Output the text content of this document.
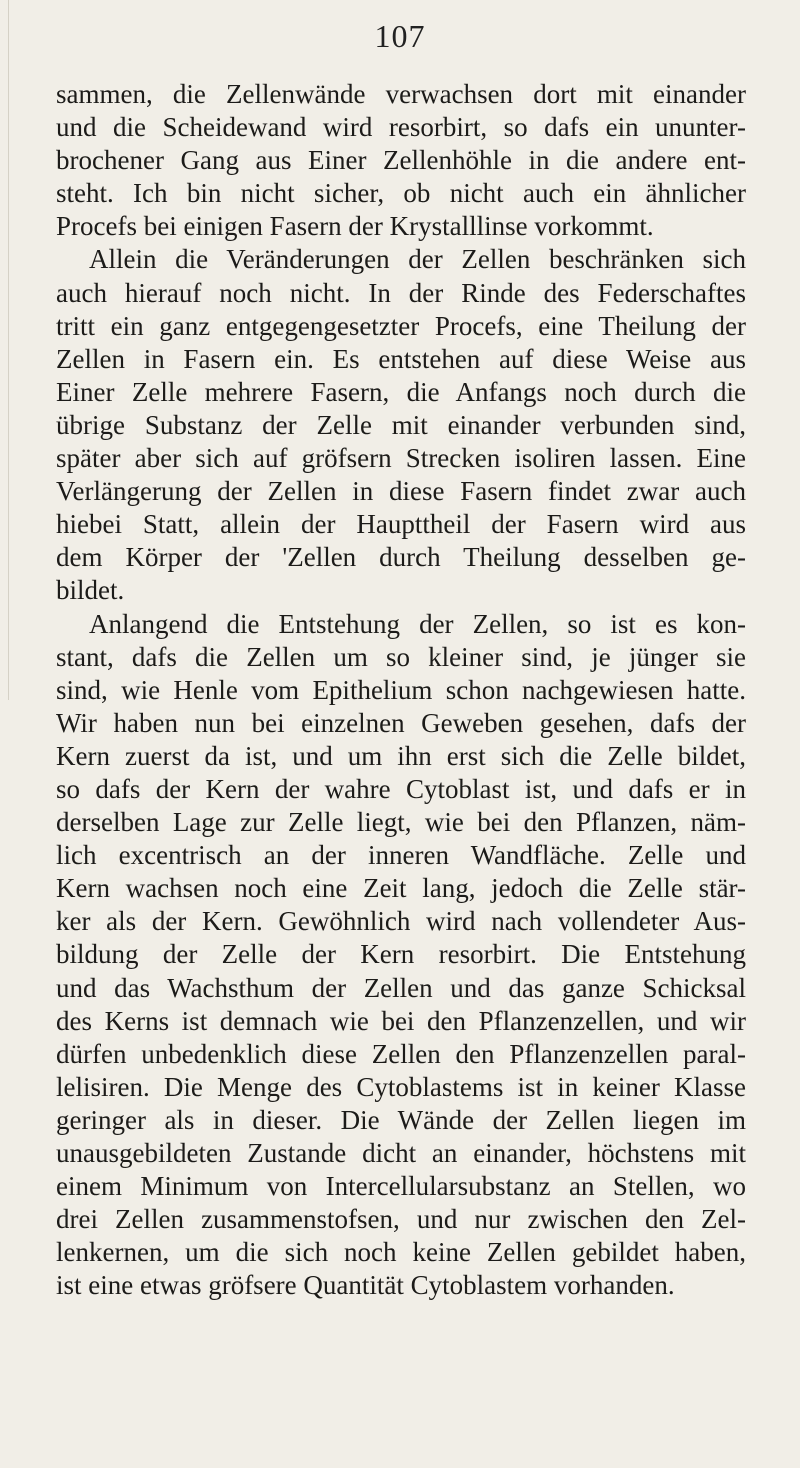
107
sammen, die Zellenwände verwachsen dort mit einander
und die Scheidewand wird resorbirt, so dafs ein ununter-
brochener Gang aus Einer Zellenhöhle in die andere ent-
steht. Ich bin nicht sicher, ob nicht auch ein ähnlicher
Procefs bei einigen Fasern der Krystalllinse vorkommt.
Allein die Veränderungen der Zellen beschränken sich
auch hierauf noch nicht. In der Rinde des Federschaftes
tritt ein ganz entgegengesetzter Procefs, eine Theilung der
Zellen in Fasern ein. Es entstehen auf diese Weise aus
Einer Zelle mehrere Fasern, die Anfangs noch durch die
übrige Substanz der Zelle mit einander verbunden sind,
später aber sich auf gröfsern Strecken isoliren lassen. Eine
Verlängerung der Zellen in diese Fasern findet zwar auch
hiebei Statt, allein der Haupttheil der Fasern wird aus
dem Körper der 'Zellen durch Theilung desselben ge-
bildet.
Anlangend die Entstehung der Zellen, so ist es kon-
stant, dafs die Zellen um so kleiner sind, je jünger sie
sind, wie Henle vom Epithelium schon nachgewiesen hatte.
Wir haben nun bei einzelnen Geweben gesehen, dafs der
Kern zuerst da ist, und um ihn erst sich die Zelle bildet,
so dafs der Kern der wahre Cytoblast ist, und dafs er in
derselben Lage zur Zelle liegt, wie bei den Pflanzen, näm-
lich excentrisch an der inneren Wandfläche. Zelle und
Kern wachsen noch eine Zeit lang, jedoch die Zelle stär-
ker als der Kern. Gewöhnlich wird nach vollendeter Aus-
bildung der Zelle der Kern resorbirt. Die Entstehung
und das Wachsthum der Zellen und das ganze Schicksal
des Kerns ist demnach wie bei den Pflanzenzellen, und wir
dürfen unbedenklich diese Zellen den Pflanzenzellen paral-
lelisiren. Die Menge des Cytoblastems ist in keiner Klasse
geringer als in dieser. Die Wände der Zellen liegen im
unausgebildeten Zustande dicht an einander, höchstens mit
einem Minimum von Intercellularsubstanz an Stellen, wo
drei Zellen zusammenstofsen, und nur zwischen den Zel-
lenkernen, um die sich noch keine Zellen gebildet haben,
ist eine etwas gröfsere Quantität Cytoblastem vorhanden.
